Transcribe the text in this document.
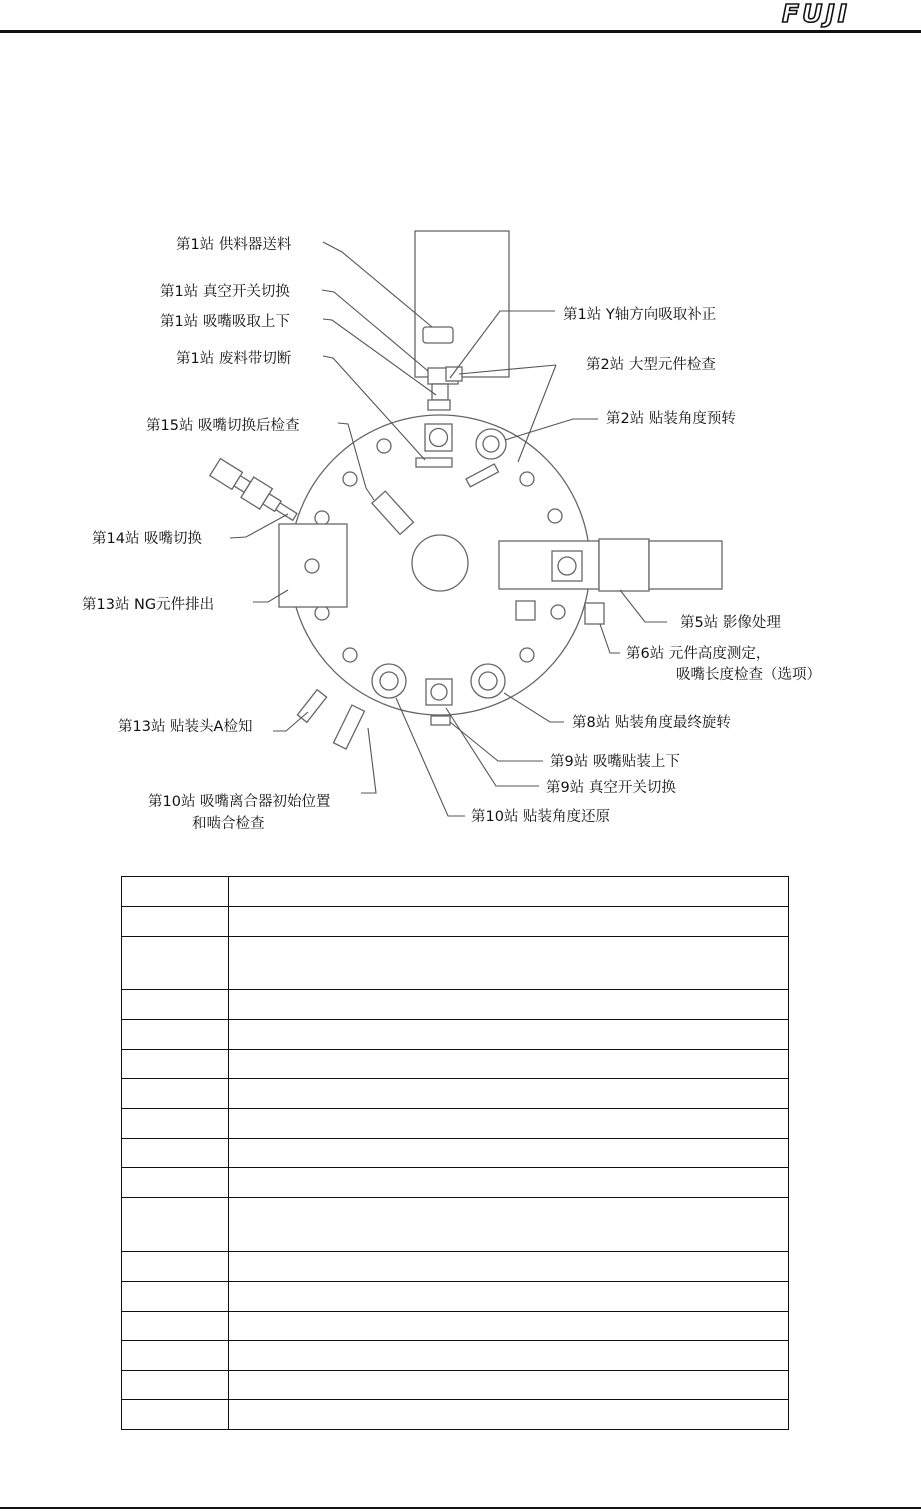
FUJI
第1站 供料器送料
第1站 真空开关切换
第1站 吸嘴吸取上下
第1站 废料带切断
第1站 Y轴方向吸取补正
第2站 大型元件检查
第2站 贴装角度预转
第15站 吸嘴切换后检查
第14站 吸嘴切换
第13站 NG元件排出
第5站 影像处理
第6站 元件高度测定，
吸嘴长度检查（选项）
第8站 贴装角度最终旋转
第13站 贴装头A检知
第9站 吸嘴贴装上下
第9站 真空开关切换
第10站 吸嘴离合器初始位置
和啮合检查	第10站 贴装角度还原
